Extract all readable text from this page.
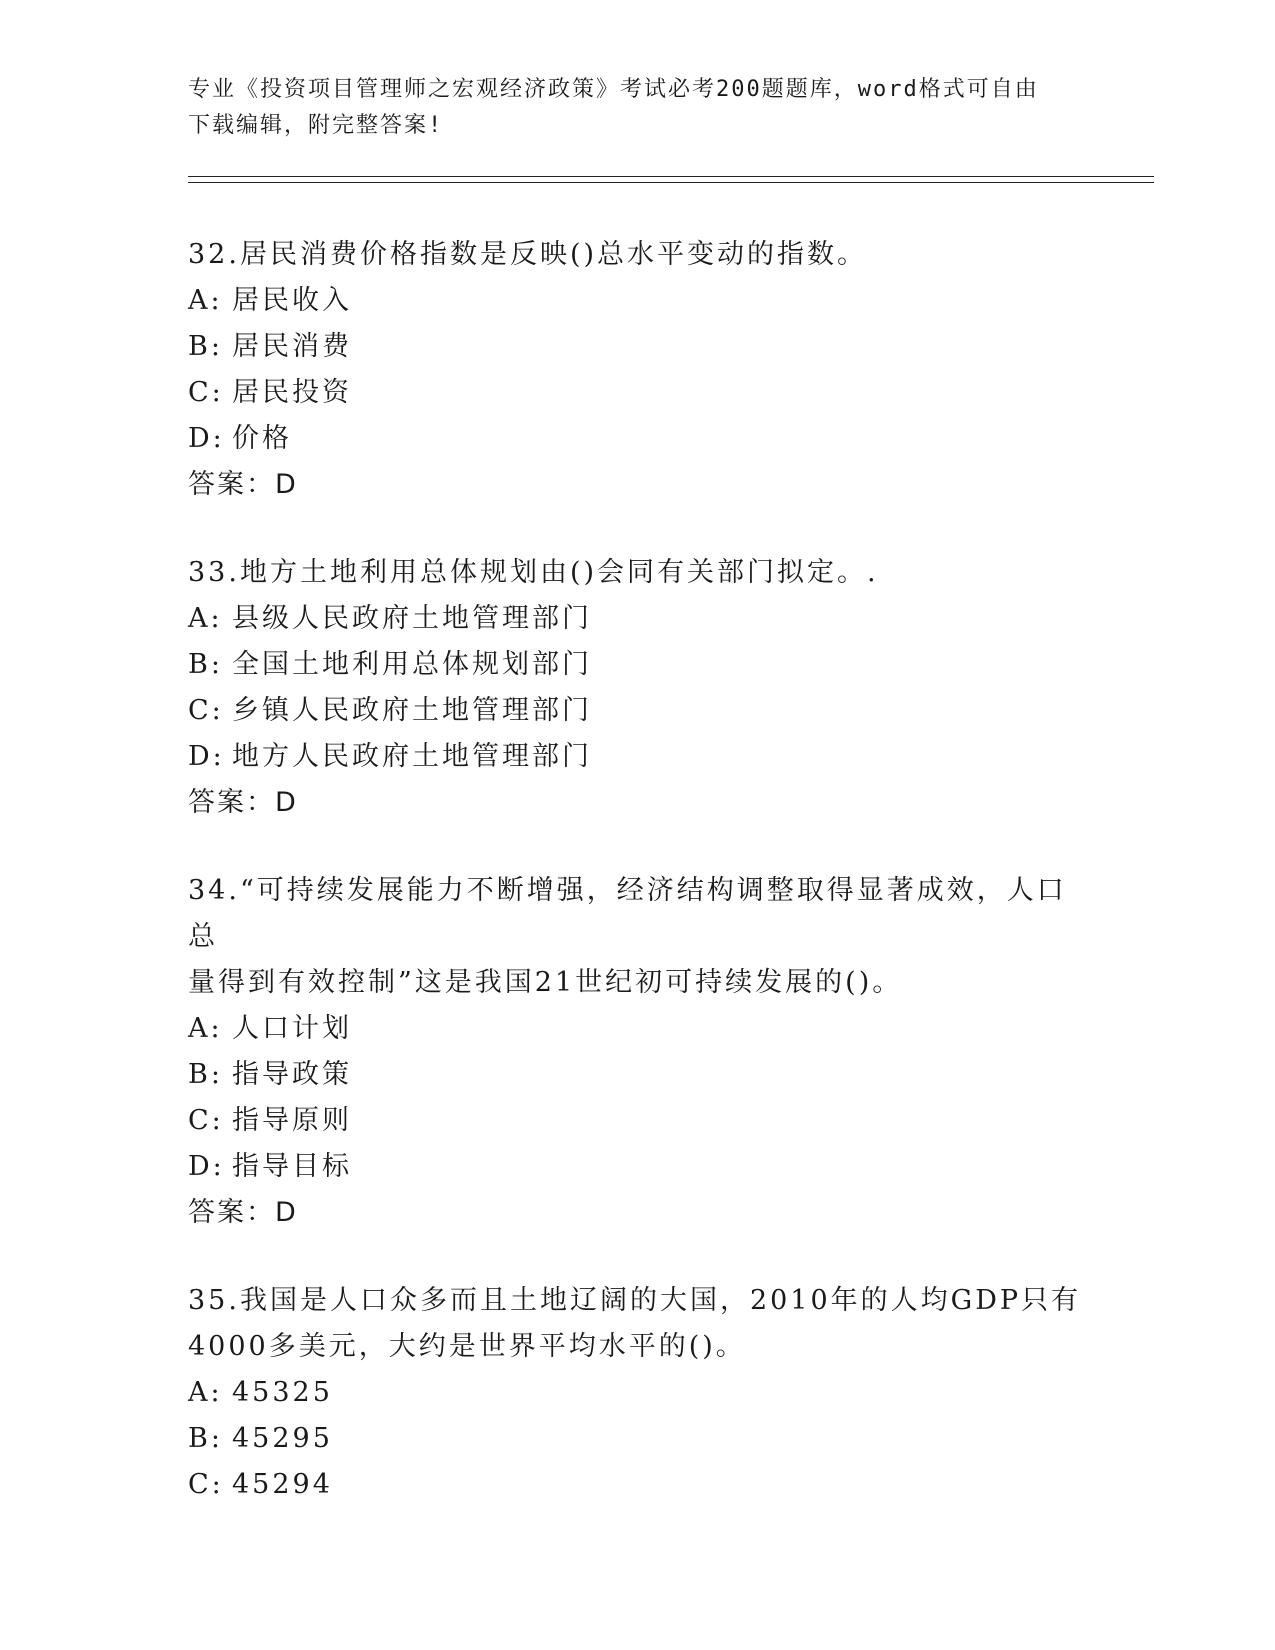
专业《投资项目管理师之宏观经济政策》考试必考200题题库，word格式可自由
下载编辑，附完整答案!
32.居民消费价格指数是反映()总水平变动的指数。
A: 居民收入
B: 居民消费
C: 居民投资
D: 价格
答案：D
33.地方土地利用总体规划由()会同有关部门拟定。.
A: 县级人民政府土地管理部门
B: 全国土地利用总体规划部门
C: 乡镇人民政府土地管理部门
D: 地方人民政府土地管理部门
答案：D
34.“可持续发展能力不断增强，经济结构调整取得显著成效，人口总
量得到有效控制”这是我国21世纪初可持续发展的()。
A: 人口计划
B: 指导政策
C: 指导原则
D: 指导目标
答案：D
35.我国是人口众多而且土地辽阔的大国，2010年的人均GDP只有
4000多美元，大约是世界平均水平的()。
A: 45325
B: 45295
C: 45294
